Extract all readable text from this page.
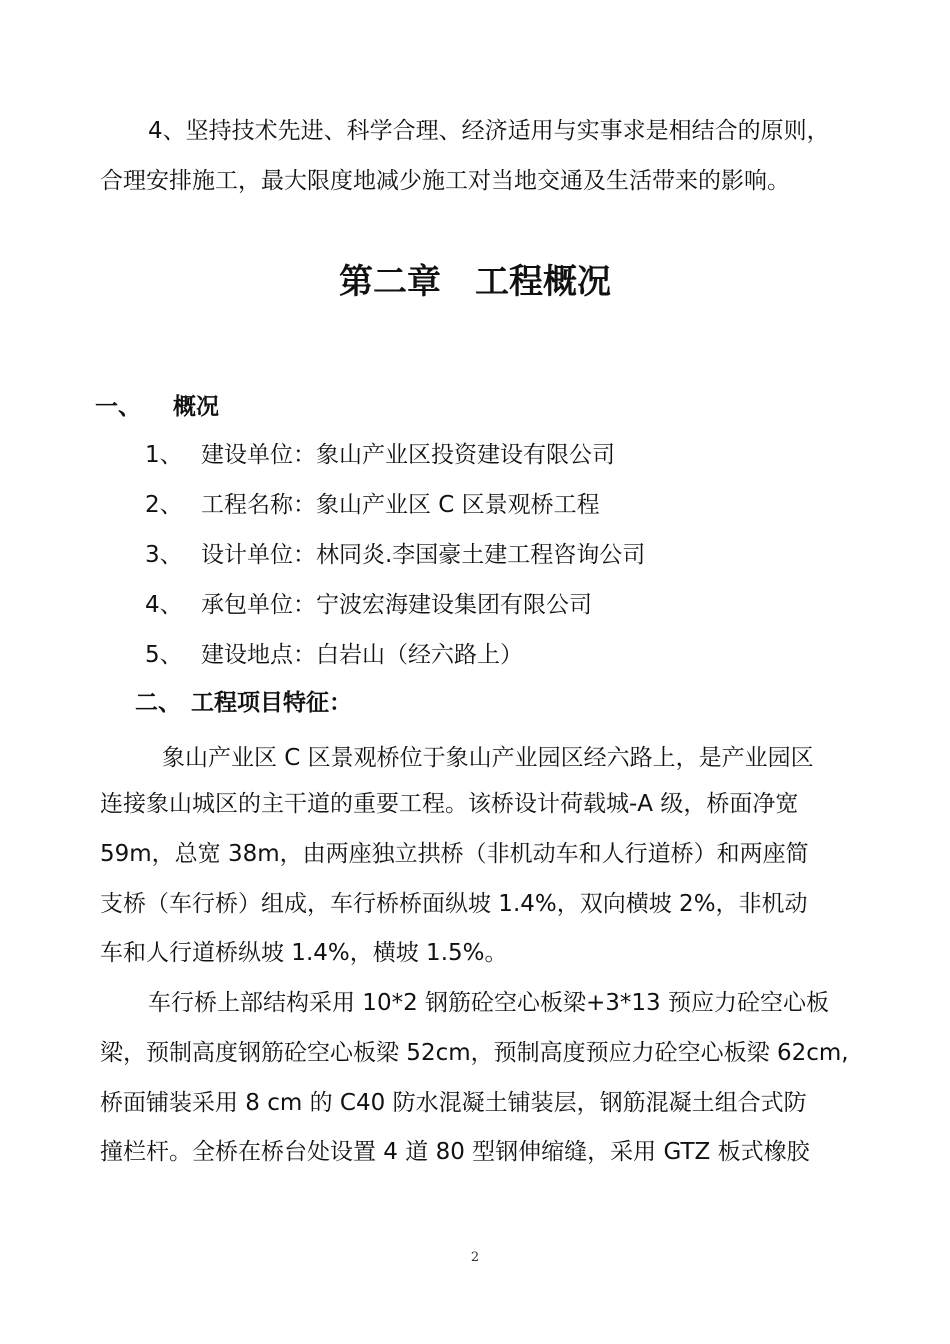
4、坚持技术先进、科学合理、经济适用与实事求是相结合的原则，
合理安排施工，最大限度地减少施工对当地交通及生活带来的影响。
第二章 工程概况
一、 概况
1、 建设单位：象山产业区投资建设有限公司
2、 工程名称：象山产业区 C 区景观桥工程
3、 设计单位：林同炎.李国豪土建工程咨询公司
4、 承包单位：宁波宏海建设集团有限公司
5、 建设地点：白岩山（经六路上）
二、 工程项目特征：
象山产业区 C 区景观桥位于象山产业园区经六路上，是产业园区
连接象山城区的主干道的重要工程。该桥设计荷载城-A 级，桥面净宽
59m，总宽 38m，由两座独立拱桥（非机动车和人行道桥）和两座简
支桥（车行桥）组成，车行桥桥面纵坡 1.4%，双向横坡 2%，非机动
车和人行道桥纵坡 1.4%，横坡 1.5%。
车行桥上部结构采用 10*2 钢筋砼空心板梁+3*13 预应力砼空心板
梁，预制高度钢筋砼空心板梁 52cm，预制高度预应力砼空心板梁 62cm,
桥面铺装采用 8 cm 的 C40 防水混凝土铺装层，钢筋混凝土组合式防
撞栏杆。全桥在桥台处设置 4 道 80 型钢伸缩缝，采用 GTZ 板式橡胶
2
